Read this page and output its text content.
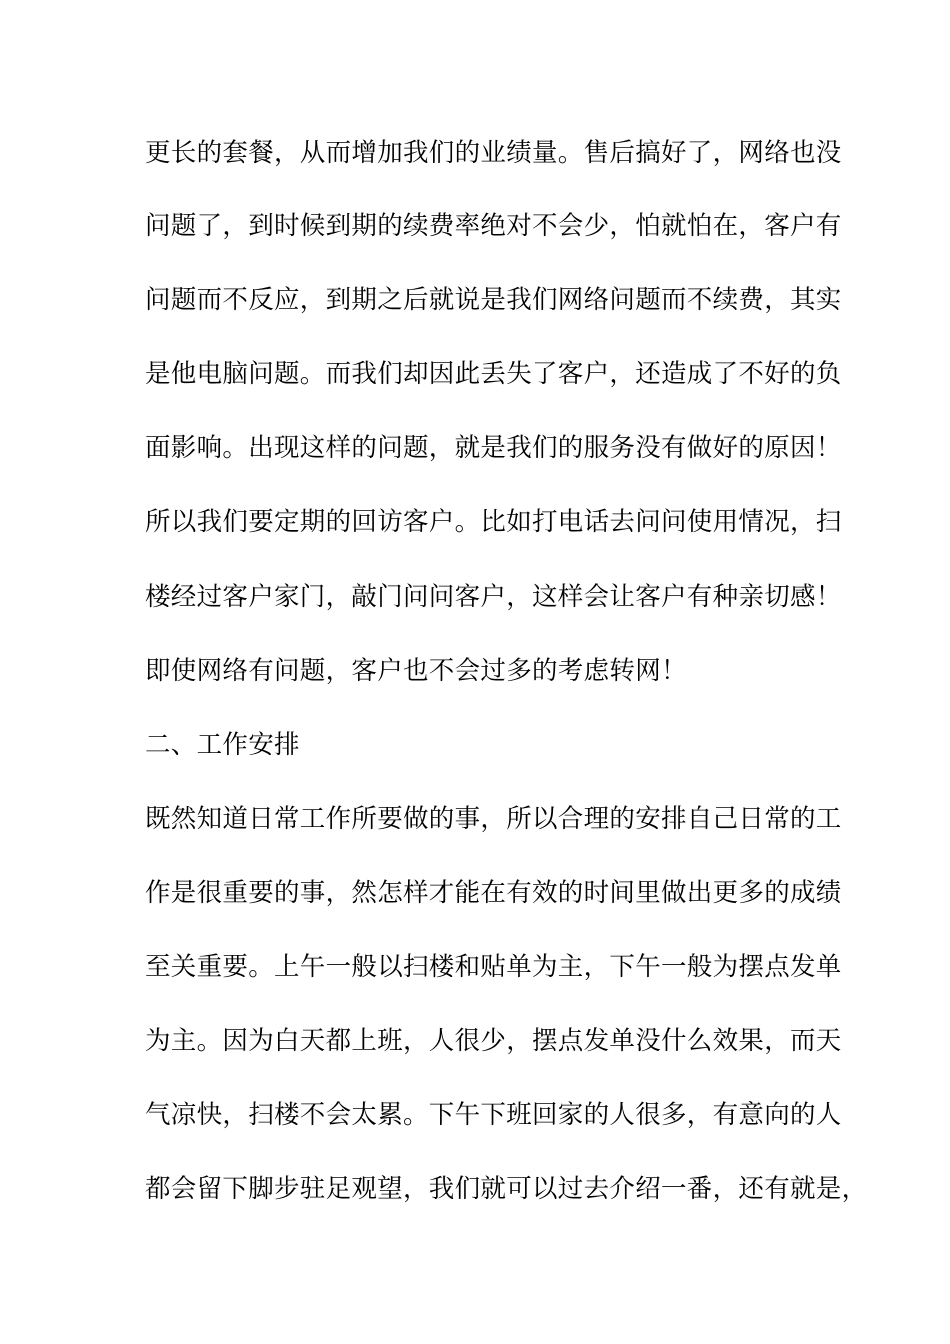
更长的套餐，从而增加我们的业绩量。售后搞好了，网络也没
问题了，到时候到期的续费率绝对不会少，怕就怕在，客户有
问题而不反应，到期之后就说是我们网络问题而不续费，其实
是他电脑问题。而我们却因此丢失了客户，还造成了不好的负
面影响。出现这样的问题，就是我们的服务没有做好的原因！
所以我们要定期的回访客户。比如打电话去问问使用情况，扫
楼经过客户家门，敲门问问客户，这样会让客户有种亲切感！
即使网络有问题，客户也不会过多的考虑转网！
二、工作安排
既然知道日常工作所要做的事，所以合理的安排自己日常的工
作是很重要的事，然怎样才能在有效的时间里做出更多的成绩
至关重要。上午一般以扫楼和贴单为主，下午一般为摆点发单
为主。因为白天都上班，人很少，摆点发单没什么效果，而天
气凉快，扫楼不会太累。下午下班回家的人很多，有意向的人
都会留下脚步驻足观望，我们就可以过去介绍一番，还有就是，
